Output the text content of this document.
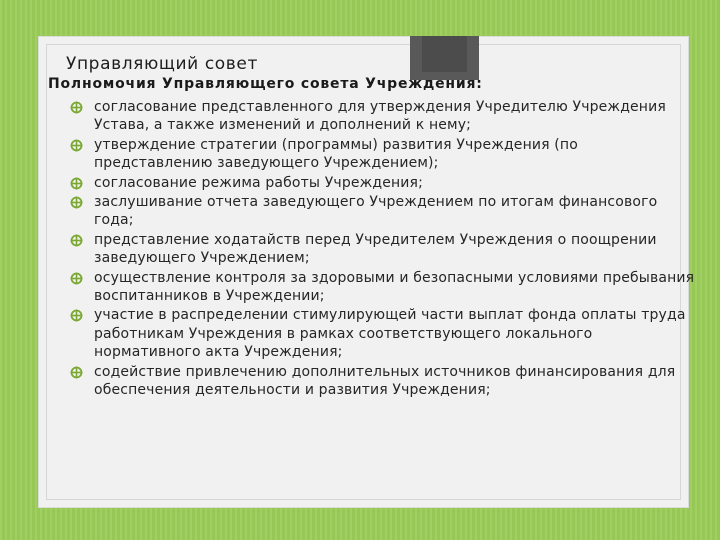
Управляющий совет
Полномочия Управляющего совета Учреждения:
согласование представленного для утверждения Учредителю Учреждения Устава, а также изменений и дополнений к нему;
утверждение стратегии (программы) развития Учреждения (по представлению заведующего Учреждением);
согласование режима работы Учреждения;
заслушивание отчета заведующего Учреждением по итогам финансового года;
представление ходатайств перед Учредителем Учреждения о поощрении заведующего Учреждением;
осуществление контроля за здоровыми и безопасными условиями пребывания воспитанников в Учреждении;
участие в распределении стимулирующей части выплат фонда оплаты труда работникам Учреждения в рамках соответствующего локального нормативного акта Учреждения;
содействие привлечению дополнительных источников финансирования для обеспечения деятельности и развития Учреждения;
